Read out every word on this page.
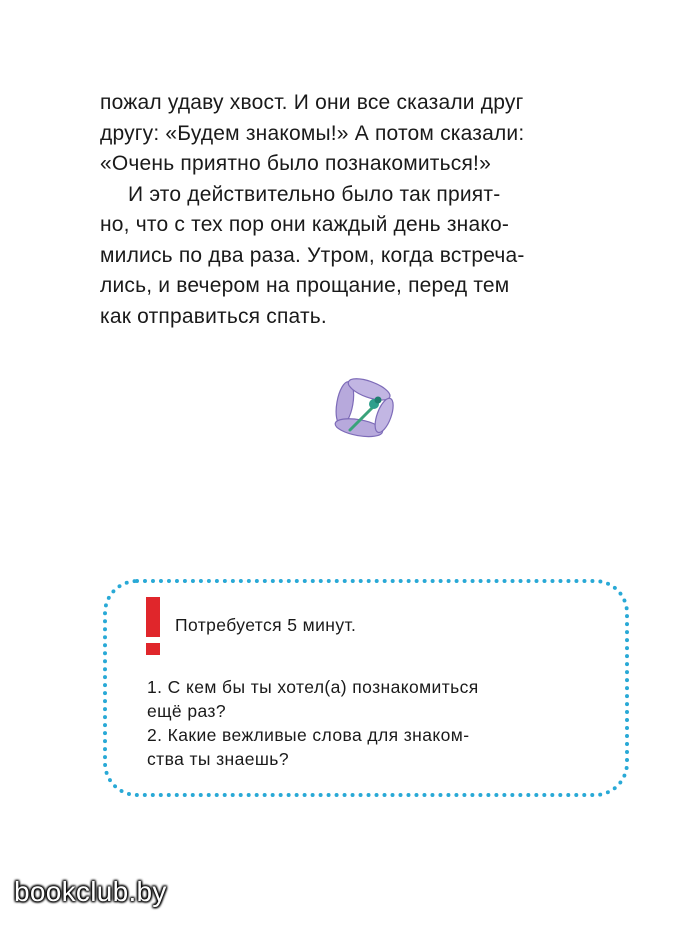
пожал удаву хвост. И они все сказали друг
другу: «Будем знакомы!» А потом сказали:
«Очень приятно было познакомиться!»

И это действительно было так прият-
но, что с тех пор они каждый день знако-
мились по два раза. Утром, когда встреча-
лись, и вечером на прощание, перед тем
как отправиться спать.

Потребуется 5 минут.

1. С кем бы ты хотел(а) познакомиться
ещё раз?

2. Какие вежливые слова для знаком-
ства ты знаешь?

bookclub.by
